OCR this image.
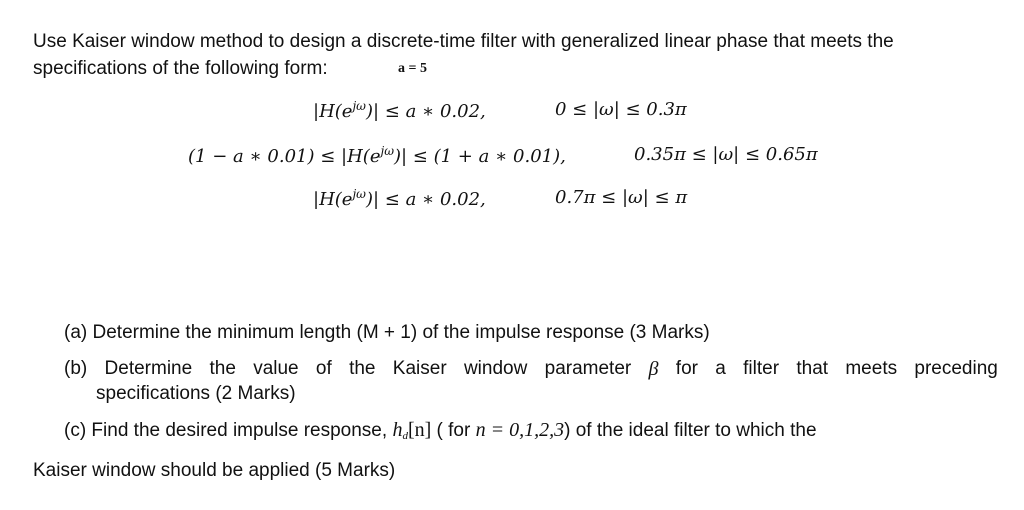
Use Kaiser window method to design a discrete-time filter with generalized linear phase that meets the
specifications of the following form:	a = 5
$|H(e^{j\omega})| \le a$ ∗ 0.02,	0 ≤ |ω| ≤ 0.3π
(1 − a ∗ $0.01) \le |H(e^{j\omega})| \le (1 + a$ ∗ 0.01),	0.35π ≤ |ω| ≤ 0.65π
$|H(e^{j\omega})| \le a$ ∗ 0.02,	0.7π ≤ |ω| ≤ π
(a) Determine the minimum length (M + 1) of the impulse response (3 Marks)
(b) Determine the value of the Kaiser window parameter β for a filter that meets preceding
specifications (2 Marks)
(c) Find the desired impulse response, $h_d[n]$ ( for n = 0,1,2,3) of the ideal filter to which the
Kaiser window should be applied (5 Marks)
